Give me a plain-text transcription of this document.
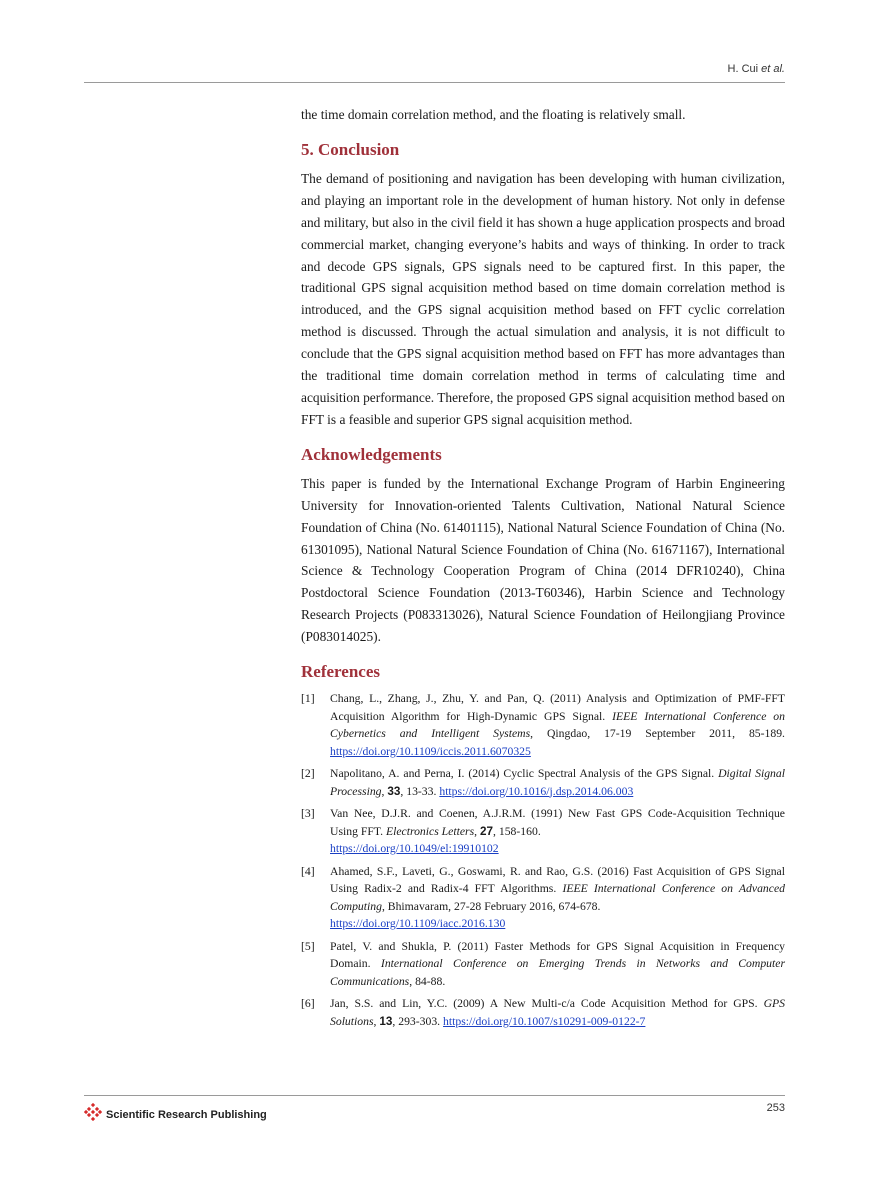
H. Cui et al.

the time domain correlation method, and the floating is relatively small.

5. Conclusion

The demand of positioning and navigation has been developing with human civilization, and playing an important role in the development of human history. Not only in defense and military, but also in the civil field it has shown a huge application prospects and broad commercial market, changing everyone’s habits and ways of thinking. In order to track and decode GPS signals, GPS signals need to be captured first. In this paper, the traditional GPS signal acquisition method based on time domain correlation method is introduced, and the GPS signal acquisition method based on FFT cyclic correlation method is discussed. Through the actual simulation and analysis, it is not difficult to conclude that the GPS signal acquisition method based on FFT has more advantages than the traditional time domain correlation method in terms of calculating time and acquisition performance. Therefore, the proposed GPS signal acquisition method based on FFT is a feasible and superior GPS signal acquisition method.

Acknowledgements

This paper is funded by the International Exchange Program of Harbin Engineering University for Innovation-oriented Talents Cultivation, National Natural Science Foundation of China (No. 61401115), National Natural Science Foundation of China (No. 61301095), National Natural Science Foundation of China (No. 61671167), International Science & Technology Cooperation Program of China (2014 DFR10240), China Postdoctoral Science Foundation (2013-T60346), Harbin Science and Technology Research Projects (P083313026), Natural Science Foundation of Heilongjiang Province (P083014025).

References
[1] Chang, L., Zhang, J., Zhu, Y. and Pan, Q. (2011) Analysis and Optimization of PMF-FFT Acquisition Algorithm for High-Dynamic GPS Signal. IEEE International Conference on Cybernetics and Intelligent Systems, Qingdao, 17-19 September 2011, 85-189. https://doi.org/10.1109/iccis.2011.6070325
[2] Napolitano, A. and Perna, I. (2014) Cyclic Spectral Analysis of the GPS Signal. Digital Signal Processing, 33, 13-33. https://doi.org/10.1016/j.dsp.2014.06.003
[3] Van Nee, D.J.R. and Coenen, A.J.R.M. (1991) New Fast GPS Code-Acquisition Technique Using FFT. Electronics Letters, 27, 158-160.
https://doi.org/10.1049/el:19910102
[4] Ahamed, S.F., Laveti, G., Goswami, R. and Rao, G.S. (2016) Fast Acquisition of GPS Signal Using Radix-2 and Radix-4 FFT Algorithms. IEEE International Conference on Advanced Computing, Bhimavaram, 27-28 February 2016, 674-678.
https://doi.org/10.1109/iacc.2016.130
[5] Patel, V. and Shukla, P. (2011) Faster Methods for GPS Signal Acquisition in Frequency Domain. International Conference on Emerging Trends in Networks and Computer Communications, 84-88.
[6] Jan, S.S. and Lin, Y.C. (2009) A New Multi-c/a Code Acquisition Method for GPS. GPS Solutions, 13, 293-303. https://doi.org/10.1007/s10291-009-0122-7
Scientific Research Publishing
253
